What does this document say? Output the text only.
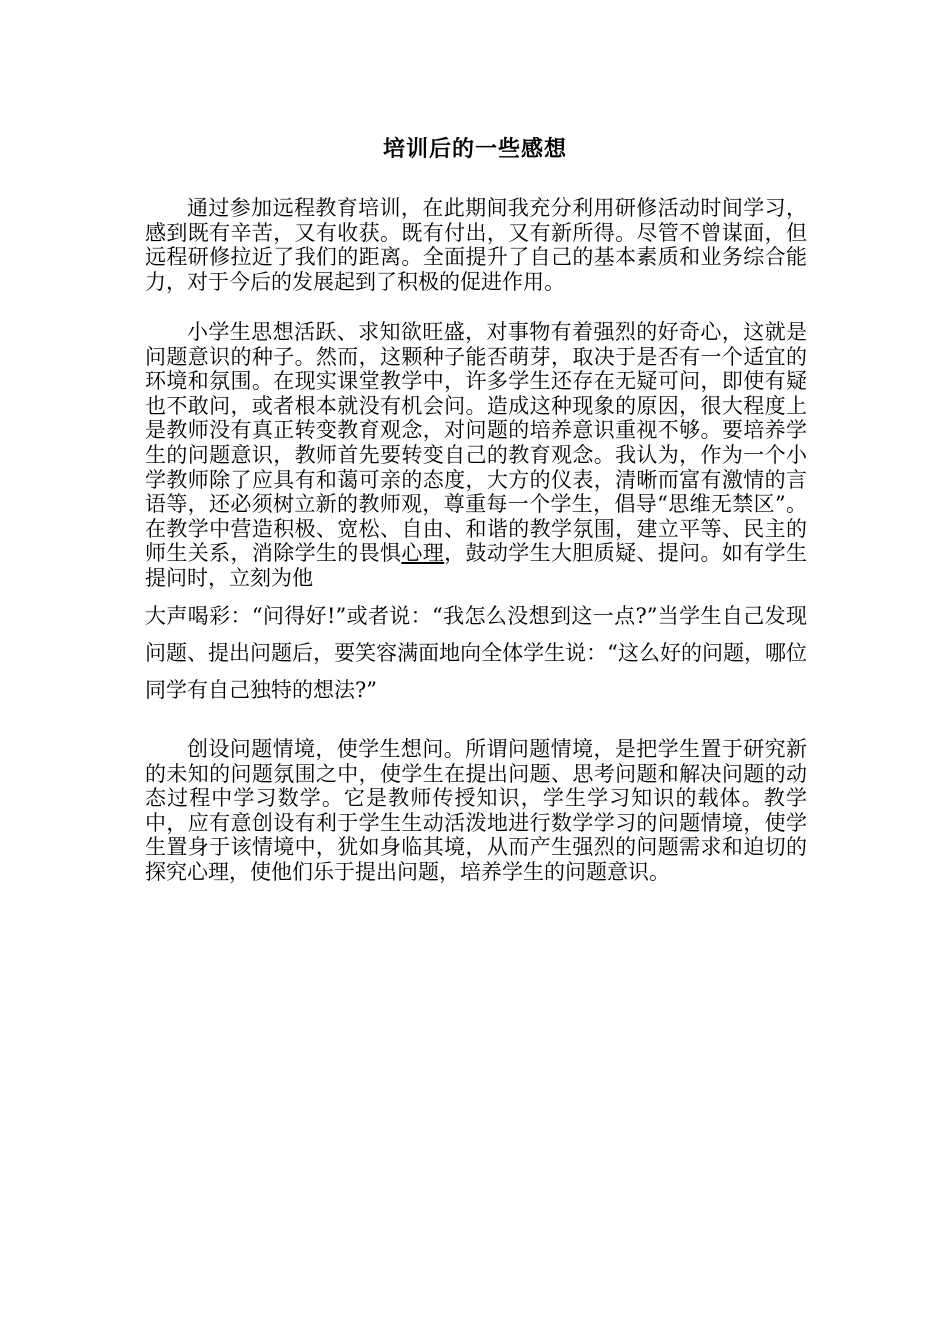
培训后的一些感想

通过参加远程教育培训，在此期间我充分利用研修活动时间学习，感到既有辛苦，又有收获。既有付出，又有新所得。尽管不曾谋面，但远程研修拉近了我们的距离。全面提升了自己的基本素质和业务综合能力，对于今后的发展起到了积极的促进作用。

小学生思想活跃、求知欲旺盛，对事物有着强烈的好奇心，这就是问题意识的种子。然而，这颗种子能否萌芽，取决于是否有一个适宜的环境和氛围。在现实课堂教学中，许多学生还存在无疑可问，即使有疑也不敢问，或者根本就没有机会问。造成这种现象的原因，很大程度上是教师没有真正转变教育观念，对问题的培养意识重视不够。要培养学生的问题意识，教师首先要转变自己的教育观念。我认为，作为一个小学教师除了应具有和蔼可亲的态度，大方的仪表，清晰而富有激情的言语等，还必须树立新的教师观，尊重每一个学生，倡导“思维无禁区”。在教学中营造积极、宽松、自由、和谐的教学氛围，建立平等、民主的师生关系，消除学生的畏惧心理，鼓动学生大胆质疑、提问。如有学生提问时，立刻为他
大声喝彩：“问得好!”或者说：“我怎么没想到这一点?”当学生自己发现问题、提出问题后，要笑容满面地向全体学生说：“这么好的问题，哪位同学有自己独特的想法?”

创设问题情境，使学生想问。所谓问题情境，是把学生置于研究新的未知的问题氛围之中，使学生在提出问题、思考问题和解决问题的动态过程中学习数学。它是教师传授知识，学生学习知识的载体。教学中，应有意创设有利于学生生动活泼地进行数学学习的问题情境，使学生置身于该情境中，犹如身临其境，从而产生强烈的问题需求和迫切的探究心理，使他们乐于提出问题，培养学生的问题意识。
